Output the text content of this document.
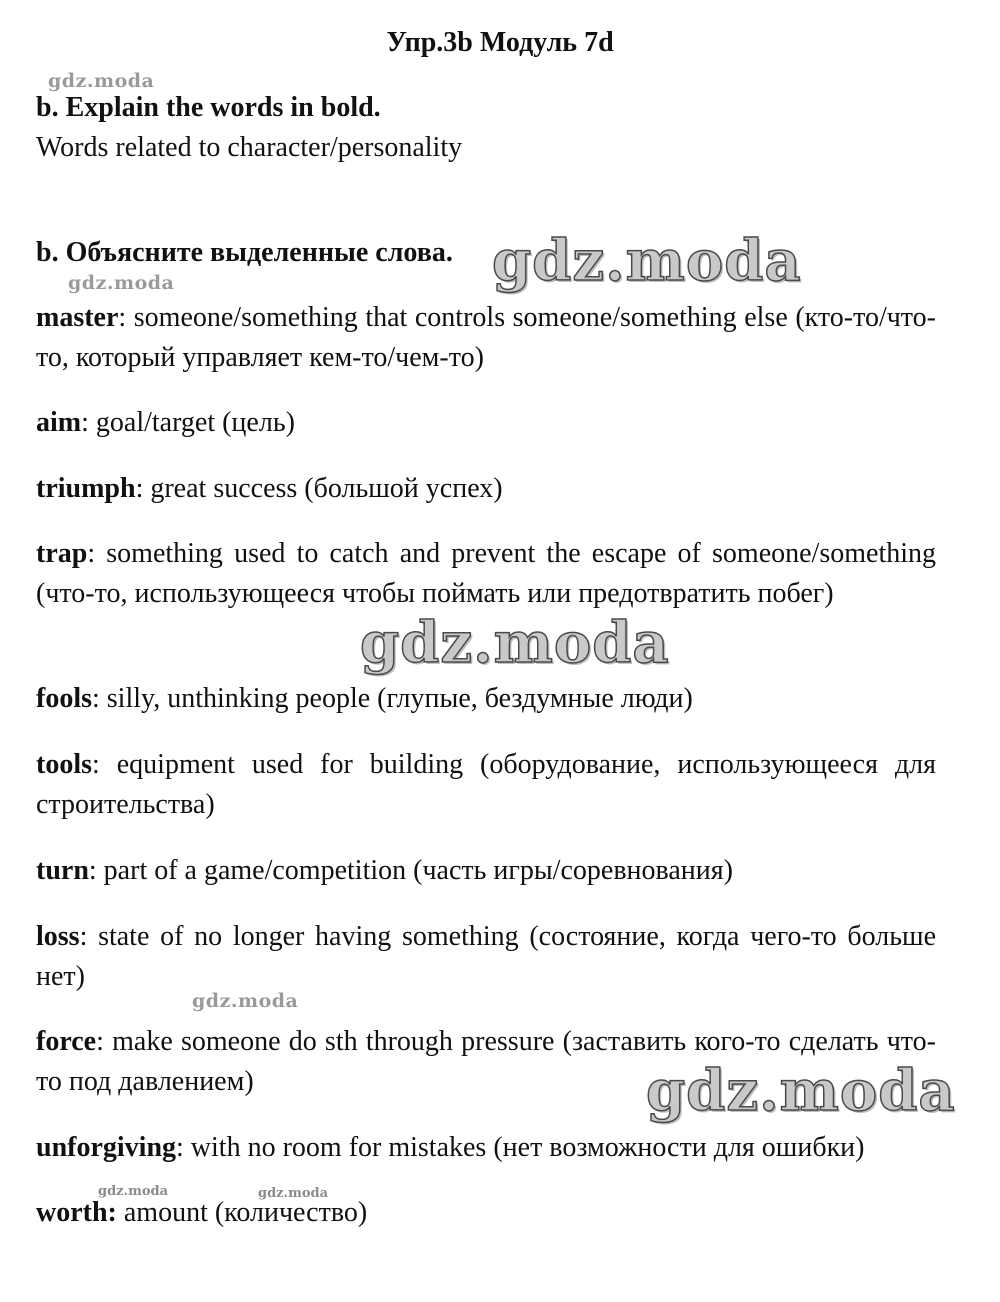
Упр.3b Модуль 7d
gdz.moda
b. Explain the words in bold.
Words related to character/personality
b. Объясните выделенные слова. gdz.moda
gdz.moda
master: someone/something that controls someone/something else (кто-то/что-то, который управляет кем-то/чем-то)
aim: goal/target (цель)
triumph: great success (большой успех)
trap: something used to catch and prevent the escape of someone/something (что-то, использующееся чтобы поймать или предотвратить побег)
gdz.moda
fools: silly, unthinking people (глупые, бездумные люди)
tools: equipment used for building (оборудование, использующееся для строительства)
turn: part of a game/competition (часть игры/соревнования)
loss: state of no longer having something (состояние, когда чего-то больше нет)
gdz.moda
force: make someone do sth through pressure (заставить кого-то сделать что-то под давлением)	gdz.moda
unforgiving: with no room for mistakes (нет возможности для ошибки)
gdz.moda	gdz.moda
worth: amount (количество)
